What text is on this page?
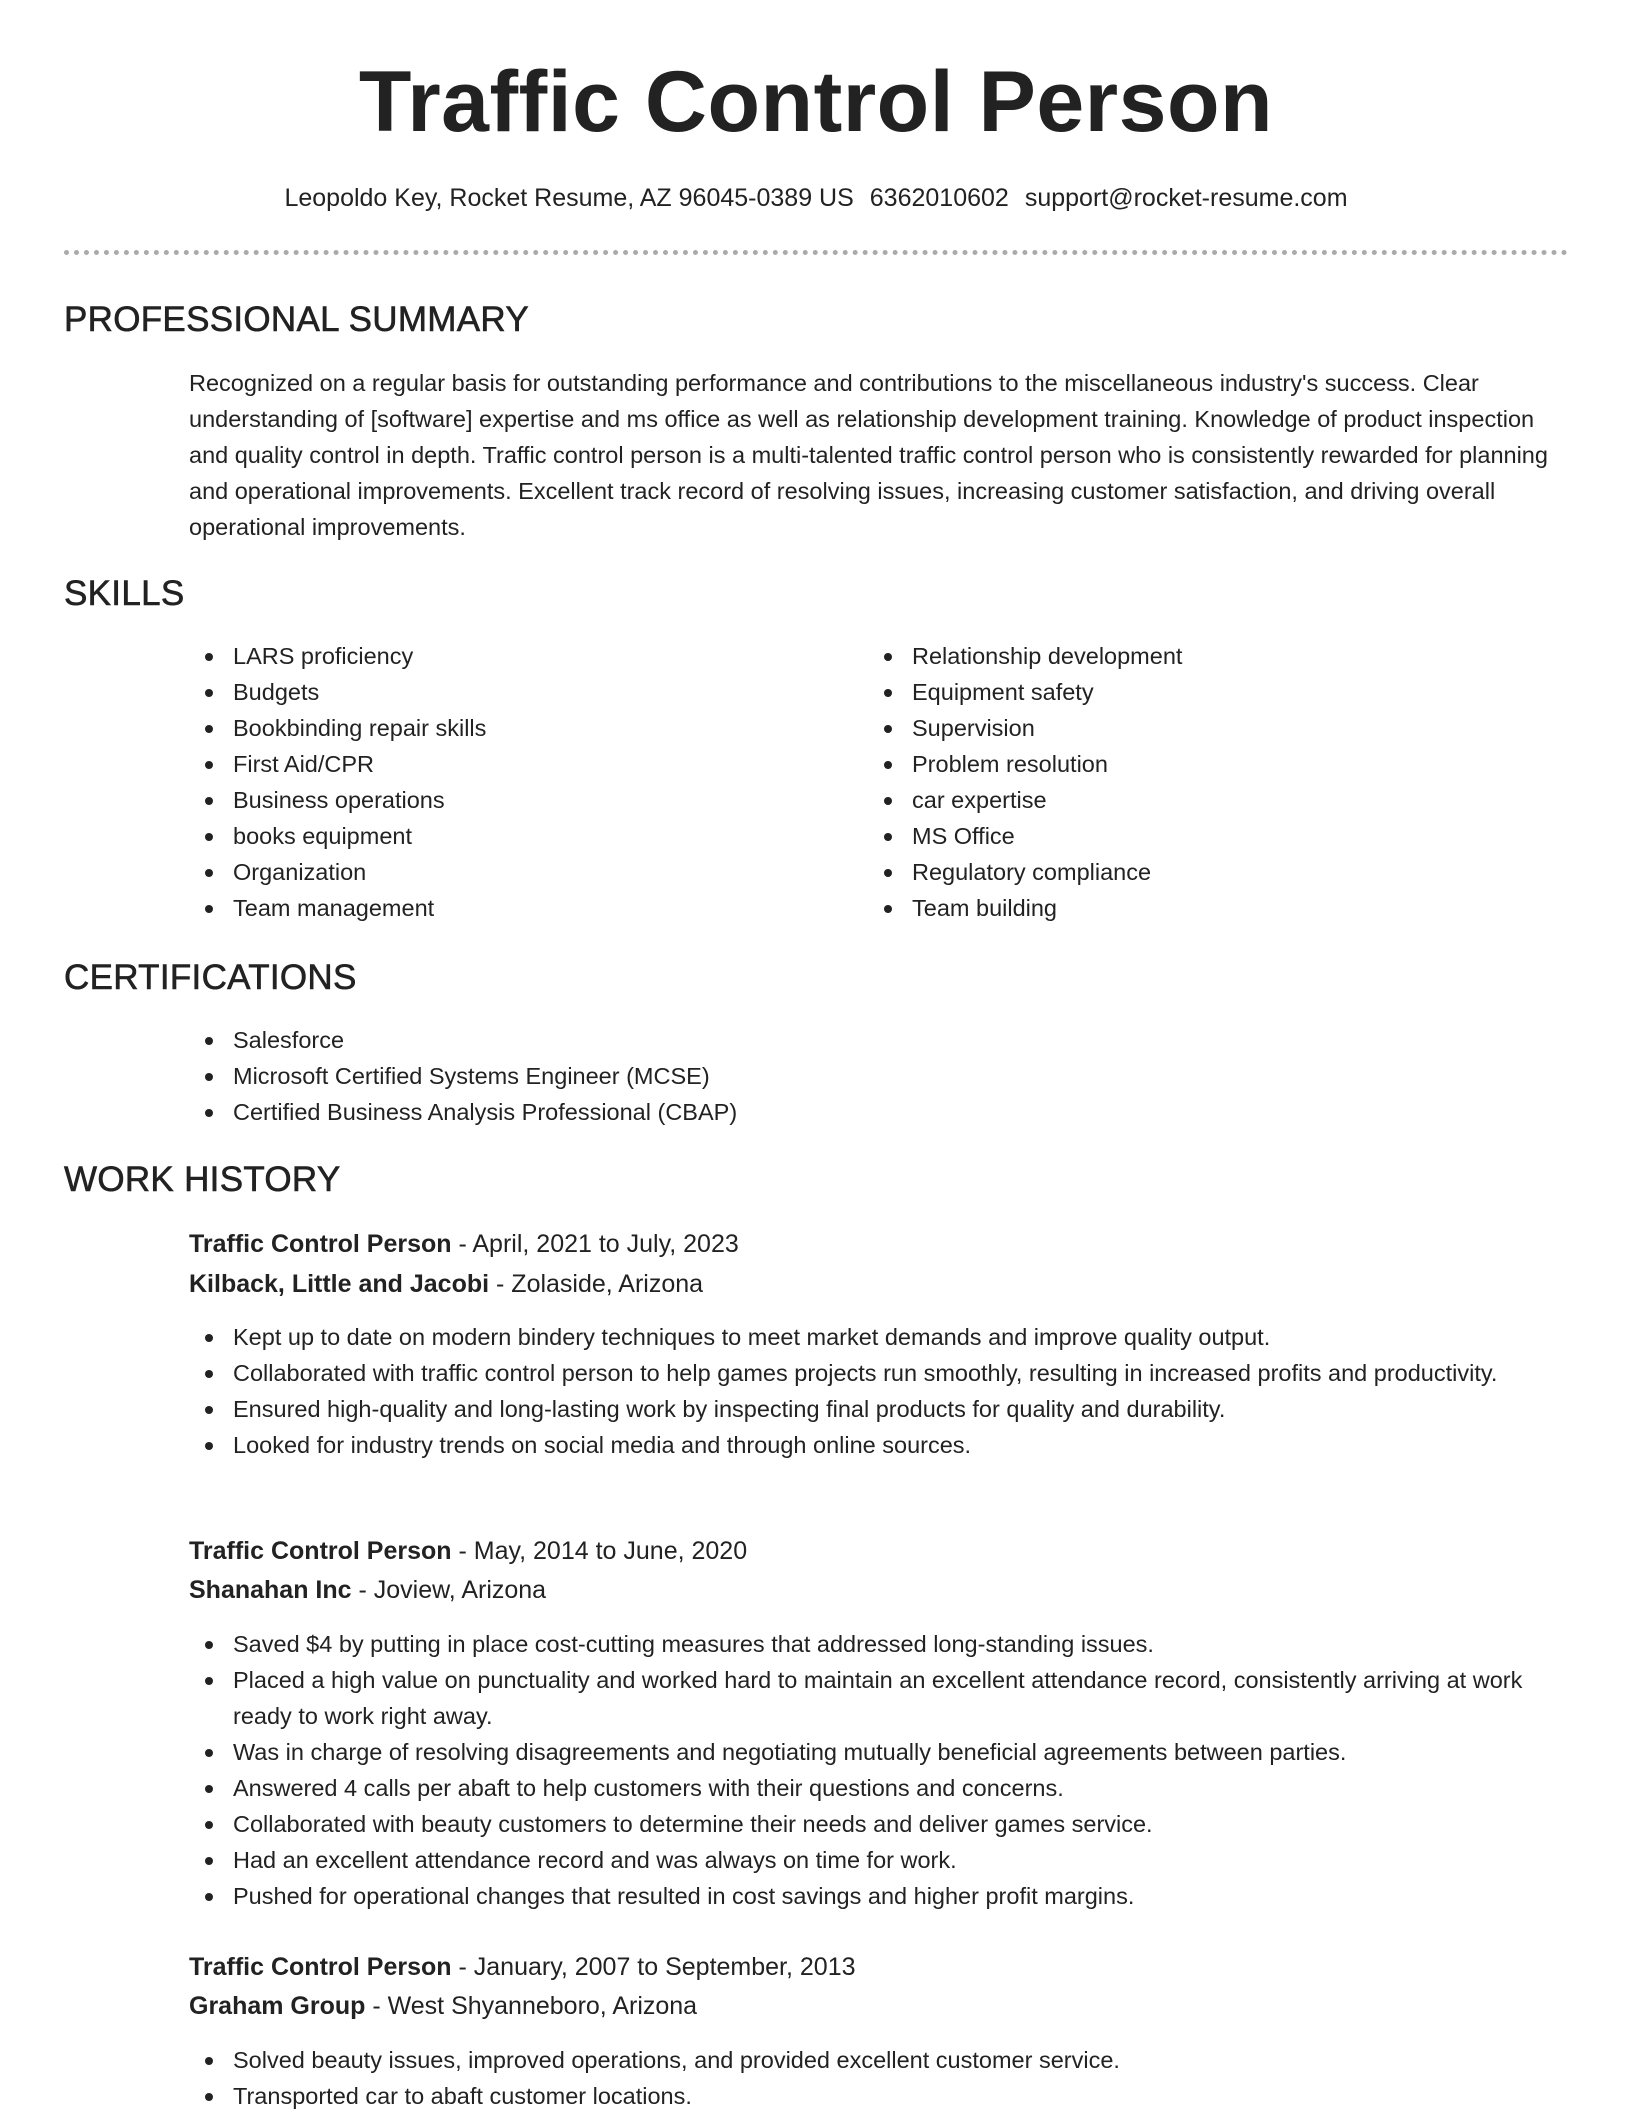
Traffic Control Person
Leopoldo Key, Rocket Resume, AZ 96045-0389 US 6362010602 support@rocket-resume.com
PROFESSIONAL SUMMARY
Recognized on a regular basis for outstanding performance and contributions to the miscellaneous industry's success. Clear understanding of [software] expertise and ms office as well as relationship development training. Knowledge of product inspection and quality control in depth. Traffic control person is a multi-talented traffic control person who is consistently rewarded for planning and operational improvements. Excellent track record of resolving issues, increasing customer satisfaction, and driving overall operational improvements.
SKILLS
LARS proficiency
Budgets
Bookbinding repair skills
First Aid/CPR
Business operations
books equipment
Organization
Team management
Relationship development
Equipment safety
Supervision
Problem resolution
car expertise
MS Office
Regulatory compliance
Team building
CERTIFICATIONS
Salesforce
Microsoft Certified Systems Engineer (MCSE)
Certified Business Analysis Professional (CBAP)
WORK HISTORY
Traffic Control Person - April, 2021 to July, 2023
Kilback, Little and Jacobi - Zolaside, Arizona
Kept up to date on modern bindery techniques to meet market demands and improve quality output.
Collaborated with traffic control person to help games projects run smoothly, resulting in increased profits and productivity.
Ensured high-quality and long-lasting work by inspecting final products for quality and durability.
Looked for industry trends on social media and through online sources.
Traffic Control Person - May, 2014 to June, 2020
Shanahan Inc - Joview, Arizona
Saved $4 by putting in place cost-cutting measures that addressed long-standing issues.
Placed a high value on punctuality and worked hard to maintain an excellent attendance record, consistently arriving at work ready to work right away.
Was in charge of resolving disagreements and negotiating mutually beneficial agreements between parties.
Answered 4 calls per abaft to help customers with their questions and concerns.
Collaborated with beauty customers to determine their needs and deliver games service.
Had an excellent attendance record and was always on time for work.
Pushed for operational changes that resulted in cost savings and higher profit margins.
Traffic Control Person - January, 2007 to September, 2013
Graham Group - West Shyanneboro, Arizona
Solved beauty issues, improved operations, and provided excellent customer service.
Transported car to abaft customer locations.
